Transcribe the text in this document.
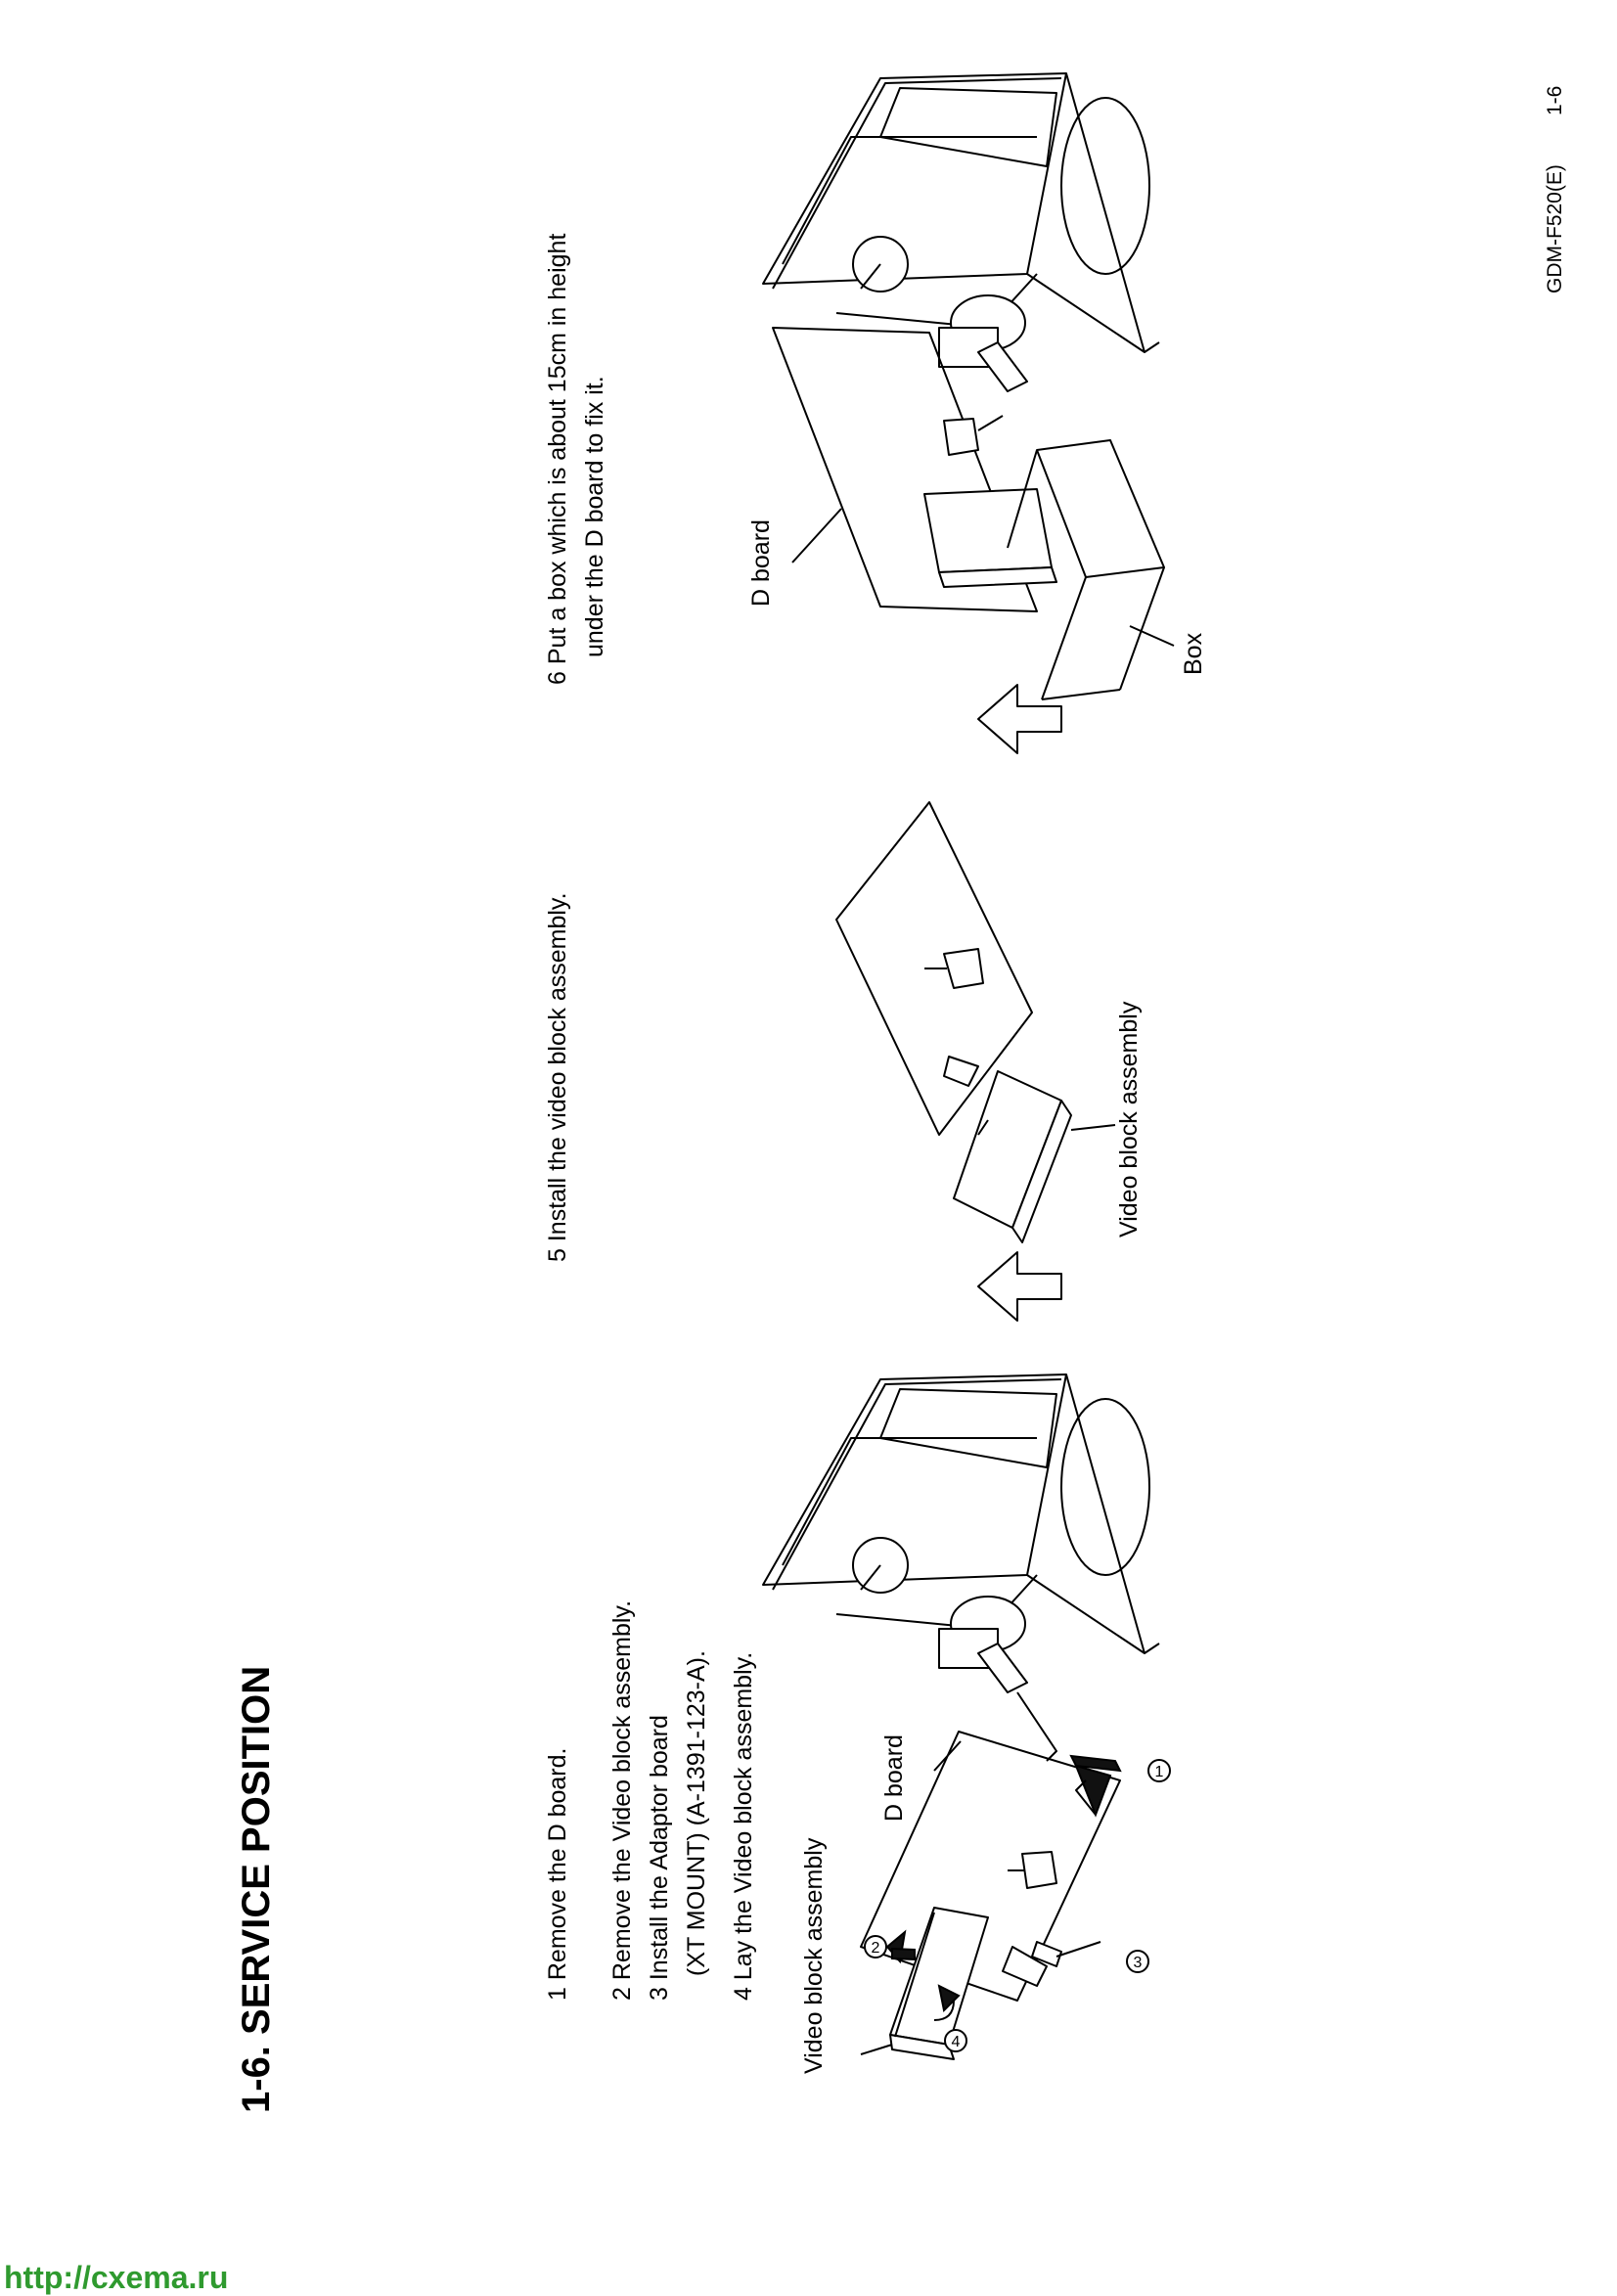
GDM-F520(E)
1-6
1-6. SERVICE POSITION	1 Remove the D board.
2 Remove the Video block assembly.
3 Install the Adaptor board (XT MOUNT) (A-1391-123-A).
4 Lay the Video block assembly.
5 Install the video block assembly.
6 Put a box which is about 15cm in height under the D board to fix it.
Video block assembly
D board
Video block assembly
D board
Box
1
2
3
4
http://cxema.ru
